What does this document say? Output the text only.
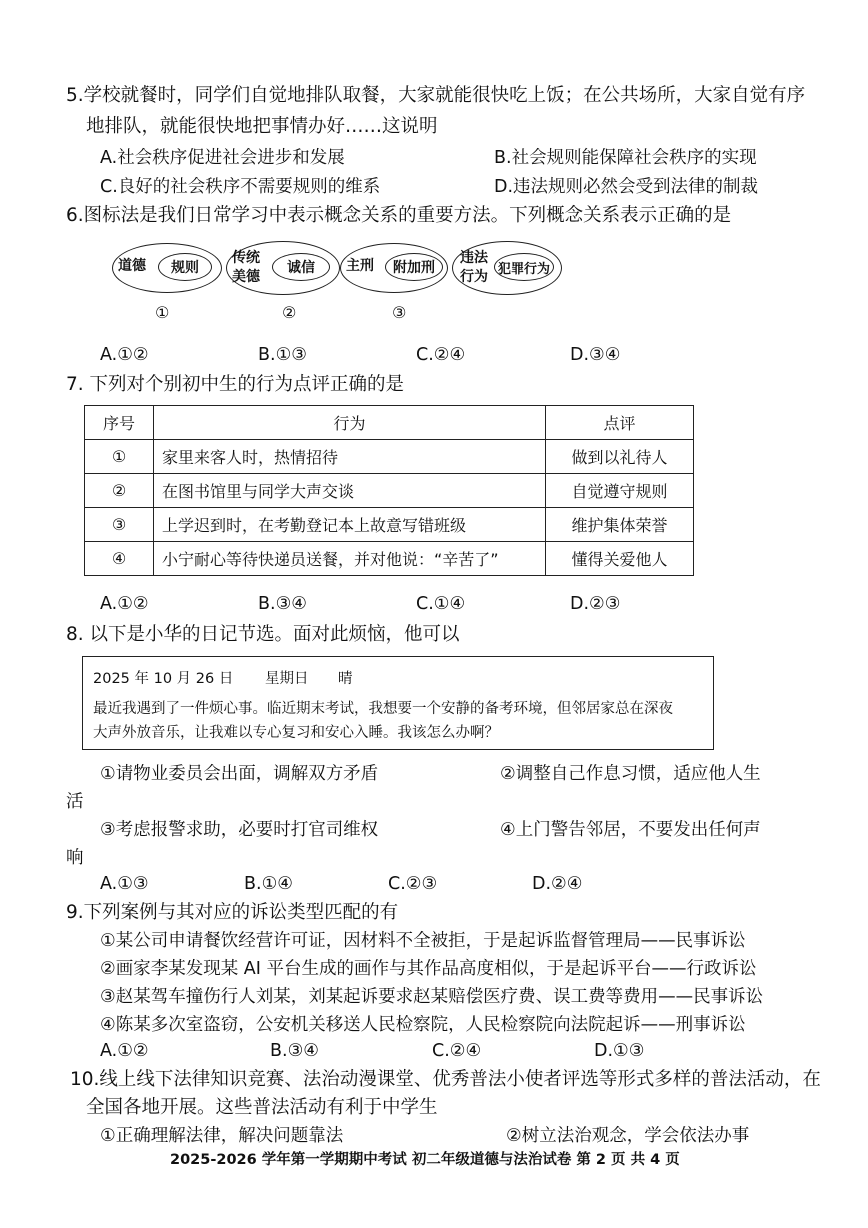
5.学校就餐时，同学们自觉地排队取餐，大家就能很快吃上饭；在公共场所，大家自觉有序
地排队，就能很快地把事情办好……这说明
A.社会秩序促进社会进步和发展	B.社会规则能保障社会秩序的实现
C.良好的社会秩序不需要规则的维系	D.违法规则必然会受到法律的制裁
6.图标法是我们日常学习中表示概念关系的重要方法。下列概念关系表示正确的是
道德	规则
①
传统美德
诚信
②
主刑	附加刑
③
违法行为 犯罪行为
A.①②	B.①③	C.②④	D.③④
7. 下列对个别初中生的行为点评正确的是
序号	行为	点评
①	家里来客人时，热情招待	做到以礼待人
②	在图书馆里与同学大声交谈	自觉遵守规则
③	上学迟到时，在考勤登记本上故意写错班级	维护集体荣誉
④	小宁耐心等待快递员送餐，并对他说：“辛苦了”	懂得关爱他人
A.①②	B.③④	C.①④	D.②③
8. 以下是小华的日记节选。面对此烦恼，他可以
2025 年 10 月 26 日 星期日 晴
最近我遇到了一件烦心事。临近期末考试，我想要一个安静的备考环境，但邻居家总在深夜
大声外放音乐，让我难以专心复习和安心入睡。我该怎么办啊？
①请物业委员会出面，调解双方矛盾	②调整自己作息习惯，适应他人生
活
③考虑报警求助，必要时打官司维权	④上门警告邻居，不要发出任何声
响
A.①③	B.①④	C.②③	D.②④
9.下列案例与其对应的诉讼类型匹配的有
①某公司申请餐饮经营许可证，因材料不全被拒，于是起诉监督管理局——民事诉讼
②画家李某发现某 AI 平台生成的画作与其作品高度相似，于是起诉平台——行政诉讼
③赵某驾车撞伤行人刘某，刘某起诉要求赵某赔偿医疗费、误工费等费用——民事诉讼
④陈某多次室盗窃，公安机关移送人民检察院，人民检察院向法院起诉——刑事诉讼
A.①②	B.③④	C.②④	D.①③
10.线上线下法律知识竞赛、法治动漫课堂、优秀普法小使者评选等形式多样的普法活动，在
全国各地开展。这些普法活动有利于中学生
①正确理解法律，解决问题靠法	②树立法治观念，学会依法办事
2025-2026 学年第一学期期中考试 初二年级道德与法治试卷 第 2 页 共 4 页
